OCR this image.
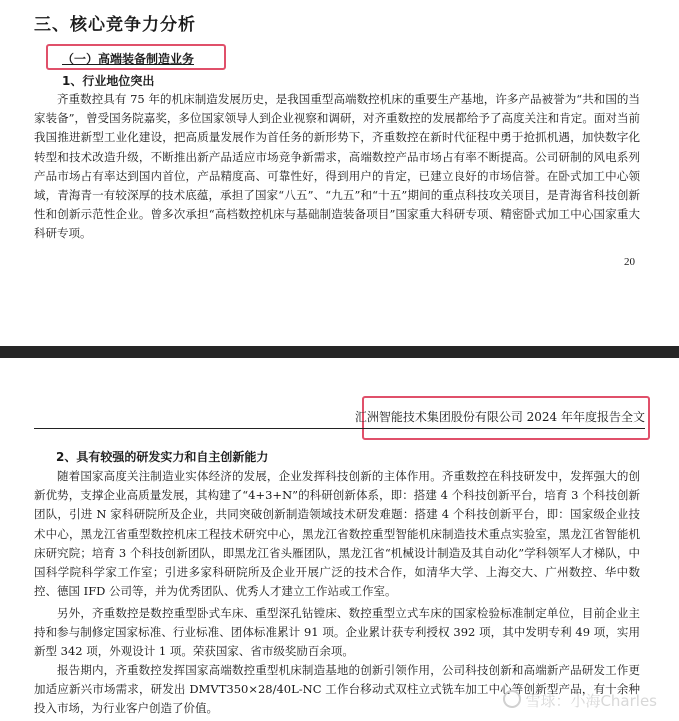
三、核心竞争力分析
（一）高端装备制造业务
1、行业地位突出

齐重数控具有 75 年的机床制造发展历史，是我国重型高端数控机床的重要生产基地，许多产品被誉为“共和国的当家装备”，曾受国务院嘉奖，多位国家领导人到企业视察和调研，对齐重数控的发展都给予了高度关注和肯定。面对当前我国推进新型工业化建设，把高质量发展作为首任务的新形势下，齐重数控在新时代征程中勇于抢抓机遇，加快数字化转型和技术改造升级，不断推出新产品适应市场竞争新需求，高端数控产品市场占有率不断提高。公司研制的风电系列产品市场占有率达到国内首位，产品精度高、可靠性好，得到用户的肯定，已建立良好的市场信誉。在卧式加工中心领域，青海青一有较深厚的技术底蕴，承担了国家“八五”、“九五”和“十五”期间的重点科技攻关项目，是青海省科技创新性和创新示范性企业。曾多次承担“高档数控机床与基础制造装备项目”国家重大科研专项、精密卧式加工中心国家重大科研专项。

20
汇洲智能技术集团股份有限公司 2024 年年度报告全文
2、具有较强的研发实力和自主创新能力

随着国家高度关注制造业实体经济的发展，企业发挥科技创新的主体作用。齐重数控在科技研发中，发挥强大的创新优势，支撑企业高质量发展，其构建了“4+3+N”的科研创新体系，即：搭建 4 个科技创新平台，培育 3 个科技创新团队，引进 N 家科研院所及企业，共同突破创新制造领域技术研发难题：搭建 4 个科技创新平台，即：国家级企业技术中心，黑龙江省重型数控机床工程技术研究中心，黑龙江省数控重型智能机床制造技术重点实验室，黑龙江省智能机床研究院；培育 3 个科技创新团队，即黑龙江省头雁团队，黑龙江省“机械设计制造及其自动化”学科领军人才梯队，中国科学院科学家工作室；引进多家科研院所及企业开展广泛的技术合作，如清华大学、上海交大、广州数控、华中数控、德国 IFD 公司等，并为优秀团队、优秀人才建立工作站或工作室。

另外，齐重数控是数控重型卧式车床、重型深孔钻镗床、数控重型立式车床的国家检验标准制定单位，目前企业主持和参与制修定国家标准、行业标准、团体标准累计 91 项。企业累计获专利授权 392 项，其中发明专利 49 项，实用新型 342 项，外观设计 1 项。荣获国家、省市级奖励百余项。

报告期内，齐重数控发挥国家高端数控重型机床制造基地的创新引领作用，公司科技创新和高端新产品研发工作更加适应新兴市场需求，研发出 DMVT350×28/40L-NC 工作台移动式双柱立式铣车加工中心等创新型产品，有十余种投入市场，为行业客户创造了价值。	雪球：小海Charles
